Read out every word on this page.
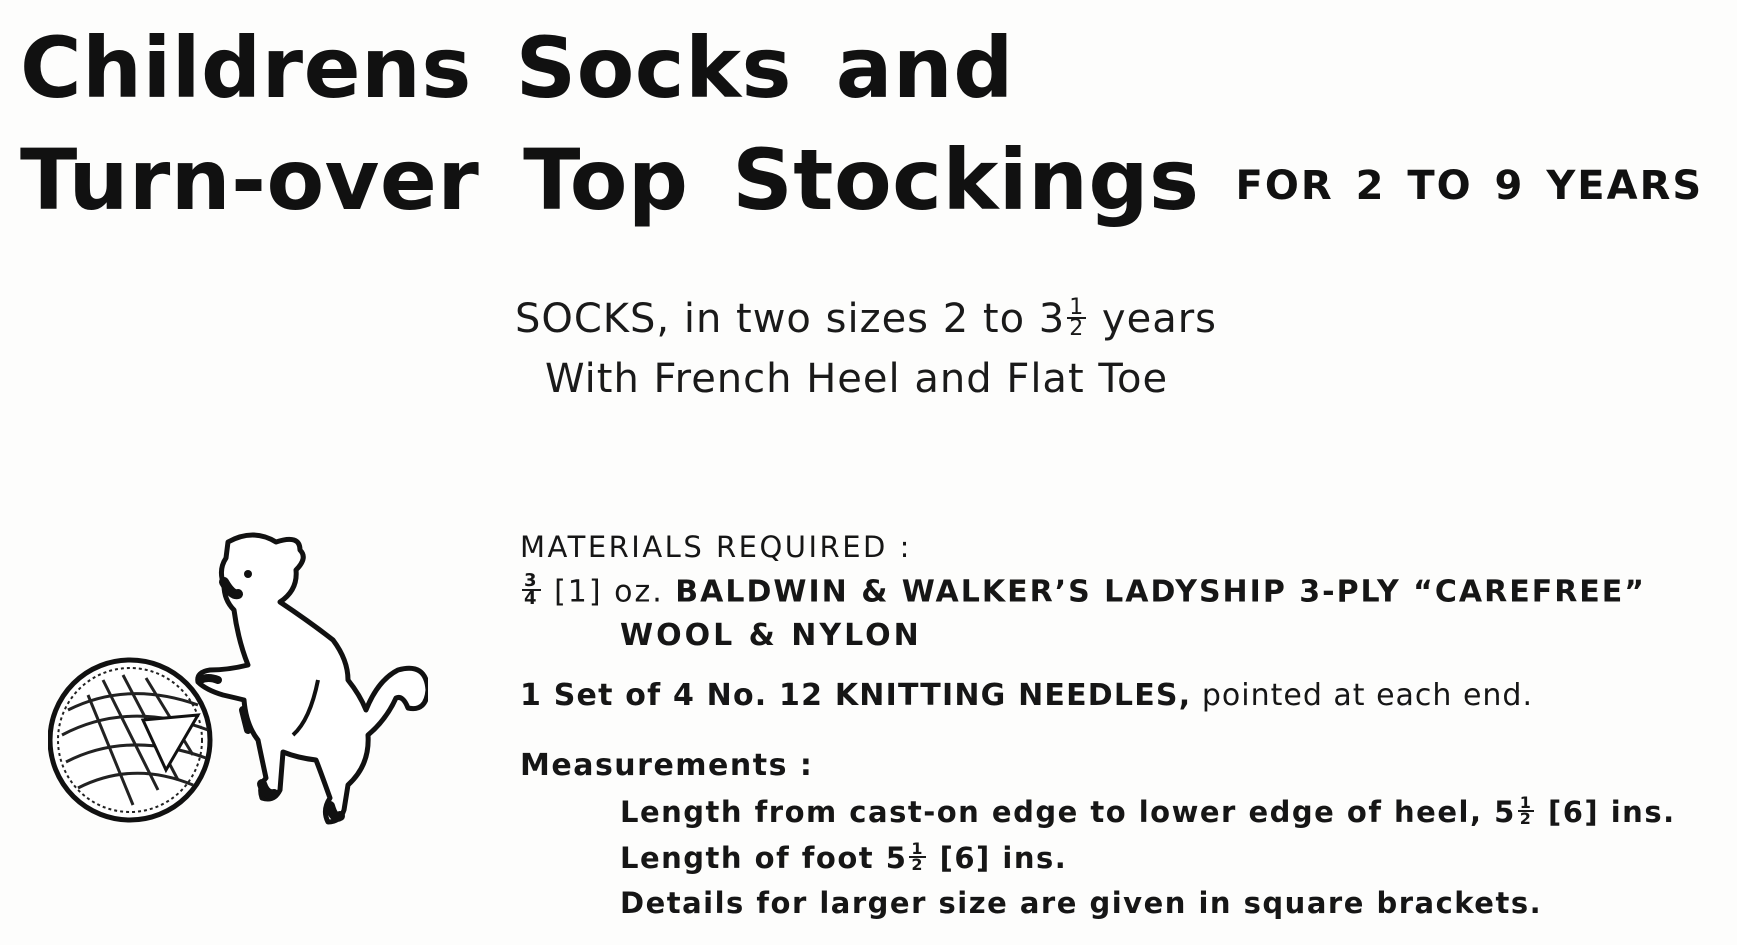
Childrens Socks and
Turn-over Top Stockings FOR 2 TO 9 YEARS
SOCKS, in two sizes 2 to $3 \frac{1}{2}$ years
With French Heel and Flat Toe
MATERIALS REQUIRED :
$\frac{3}{4} [1]$ oz. BALDWIN & WALKER’S LADYSHIP 3-PLY “CAREFREE”
WOOL & NYLON
1 Set of 4 No. 12 KNITTING NEEDLES, pointed at each end.
Measurements :
Length from cast-on edge to lower edge of heel, $5 \frac{1}{2} [6]$ ins.
Length of foot $5 \frac{1}{2} [6]$ ins.
Details for larger size are given in square brackets.
